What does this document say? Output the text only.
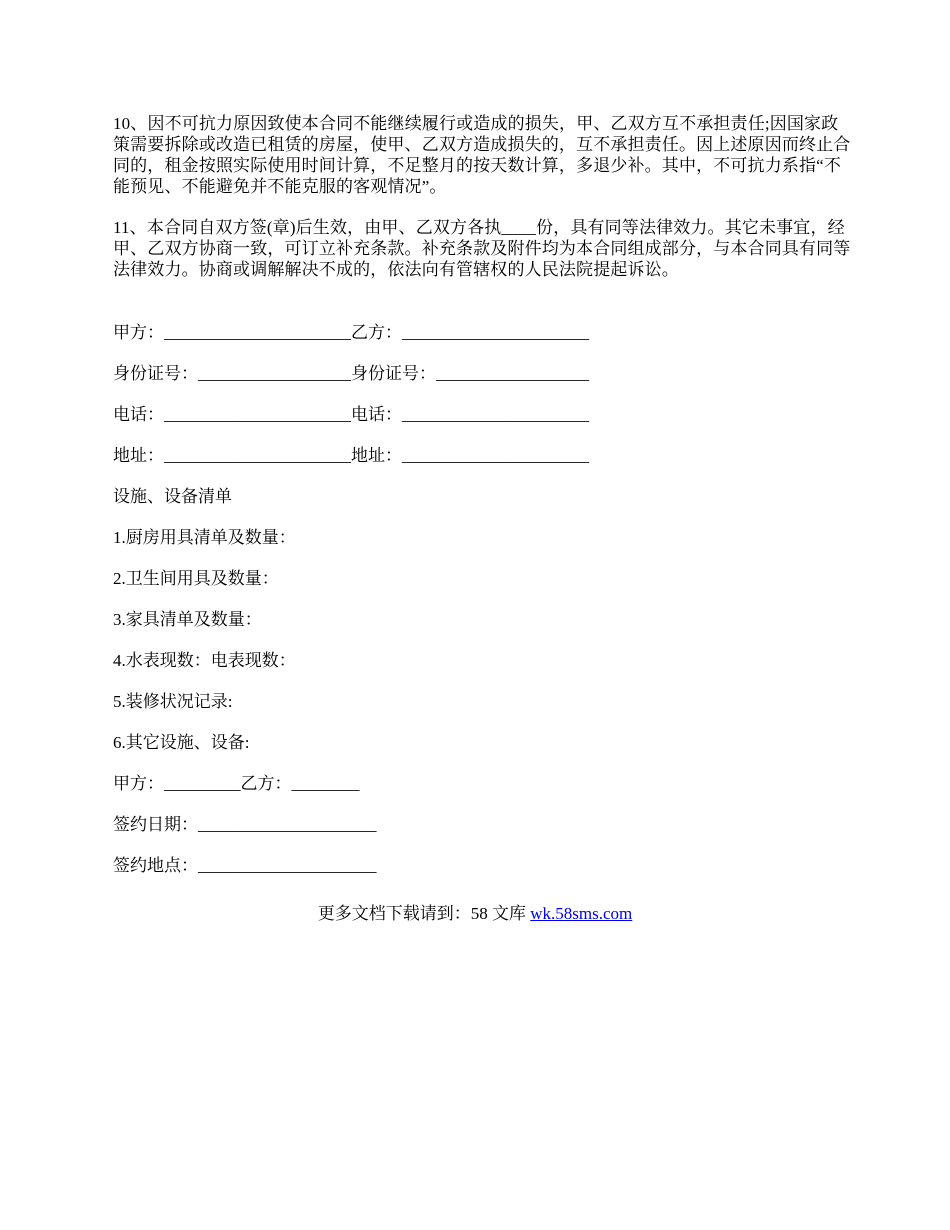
10、因不可抗力原因致使本合同不能继续履行或造成的损失，甲、乙双方互不承担责任;因国家政策需要拆除或改造已租赁的房屋，使甲、乙双方造成损失的，互不承担责任。因上述原因而终止合同的，租金按照实际使用时间计算，不足整月的按天数计算，多退少补。其中，不可抗力系指“不能预见、不能避免并不能克服的客观情况”。

11、本合同自双方签(章)后生效，由甲、乙双方各执____份，具有同等法律效力。其它未事宜，经甲、乙双方协商一致，可订立补充条款。补充条款及附件均为本合同组成部分，与本合同具有同等法律效力。协商或调解解决不成的，依法向有管辖权的人民法院提起诉讼。

甲方：______________________乙方：______________________
身份证号：__________________身份证号：__________________
电话：______________________电话：______________________
地址：______________________地址：______________________
设施、设备清单
1.厨房用具清单及数量：
2.卫生间用具及数量：
3.家具清单及数量：
4.水表现数：电表现数：
5.装修状况记录:
6.其它设施、设备:
甲方：_________乙方：________
签约日期：_____________________
签约地点：_____________________
更多文档下载请到：58 文库 wk.58sms.com
